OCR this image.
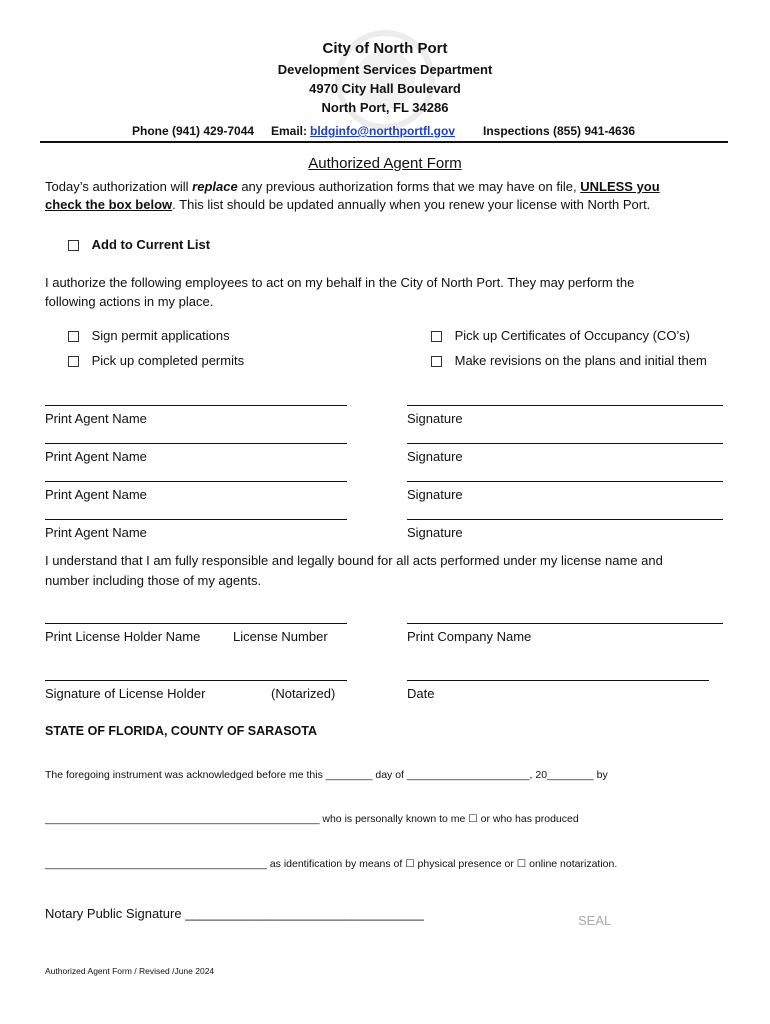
City of North Port
Development Services Department
4970 City Hall Boulevard
North Port, FL 34286
Phone (941) 429-7044 Email: bldginfo@northportfl.gov Inspections (855) 941-4636
Authorized Agent Form
Today’s authorization will replace any previous authorization forms that we may have on file, UNLESS you
check the box below. This list should be updated annually when you renew your license with North Port.
Add to Current List
I authorize the following employees to act on my behalf in the City of North Port. They may perform the
following actions in my place.
Sign permit applications
Pick up completed permits
Pick up Certificates of Occupancy (CO’s)
Make revisions on the plans and initial them
Print Agent Name	Signature
Print Agent Name	Signature
Print Agent Name	Signature
Print Agent Name	Signature
I understand that I am fully responsible and legally bound for all acts performed under my license name and
number including those of my agents.
Print License Holder Name	License Number	Print Company Name
Signature of License Holder	(Notarized)	Date
STATE OF FLORIDA, COUNTY OF SARASOTA
The foregoing instrument was acknowledged before me this ________ day of _____________________, 20________ by
_______________________________________________ who is personally known to me ☐ or who has produced
______________________________________ as identification by means of ☐ physical presence or ☐ online notarization.
Notary Public Signature _________________________________	SEAL
Authorized Agent Form / Revised /June 2024
